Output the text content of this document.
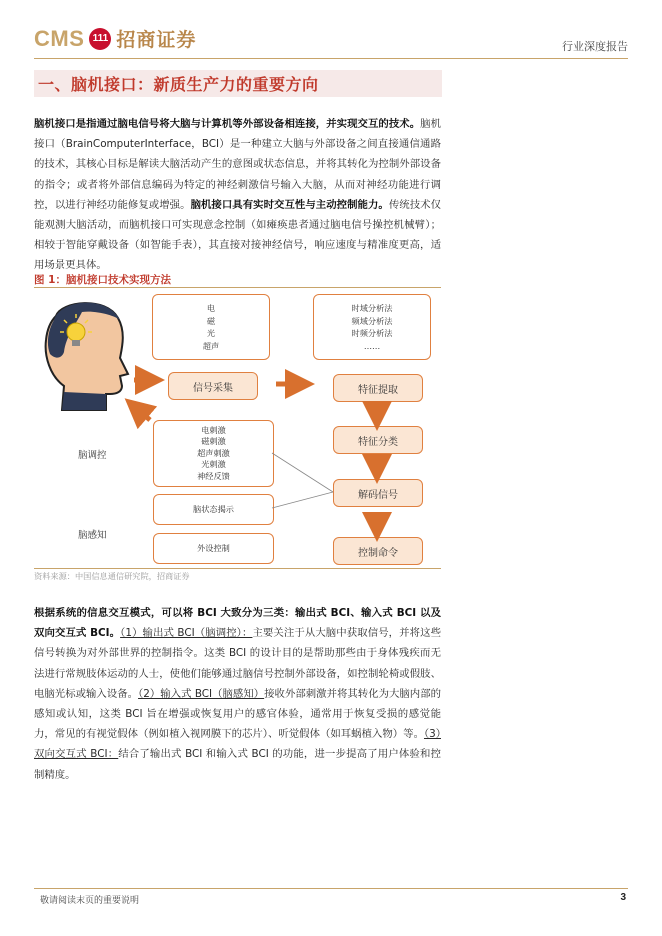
CMS 111 招商证券	行业深度报告
一、脑机接口：新质生产力的重要方向
脑机接口是指通过脑电信号将大脑与计算机等外部设备相连接，并实现交互的技术。脑机接口（BrainComputerInterface，BCI）是一种建立大脑与外部设备之间直接通信通路的技术，其核心目标是解读大脑活动产生的意图或状态信息，并将其转化为控制外部设备的指令；或者将外部信息编码为特定的神经刺激信号输入大脑，从而对神经功能进行调控，以进行神经功能修复或增强。脑机接口具有实时交互性与主动控制能力。传统技术仅能观测大脑活动，而脑机接口可实现意念控制（如瘫痪患者通过脑电信号操控机械臂）；相较于智能穿戴设备（如智能手表），其直接对接神经信号，响应速度与精准度更高，适用场景更具体。
图 1：脑机接口技术实现方法
电
磁
光
超声
时域分析法
频域分析法
时频分析法
……
信号采集	特征提取
特征分类
解码信号
控制命令
电刺激
磁刺激
超声刺激
光刺激
神经反馈
脑状态揭示
外设控制
脑调控
脑感知
资料来源：中国信息通信研究院，招商证券
根据系统的信息交互模式，可以将 BCI 大致分为三类：输出式 BCI、输入式 BCI 以及双向交互式 BCI。（1）输出式 BCI（脑调控）：主要关注于从大脑中获取信号，并将这些信号转换为对外部世界的控制指令。这类 BCI 的设计目的是帮助那些由于身体残疾而无法进行常规肢体运动的人士，使他们能够通过脑信号控制外部设备，如控制轮椅或假肢、电脑光标或输入设备。（2）输入式 BCI（脑感知）接收外部刺激并将其转化为大脑内部的感知或认知，这类 BCI 旨在增强或恢复用户的感官体验，通常用于恢复受损的感觉能力，常见的有视觉假体（例如植入视网膜下的芯片）、听觉假体（如耳蜗植入物）等。（3）双向交互式 BCI：结合了输出式 BCI 和输入式 BCI 的功能，进一步提高了用户体验和控制精度。
敬请阅读末页的重要说明	3
